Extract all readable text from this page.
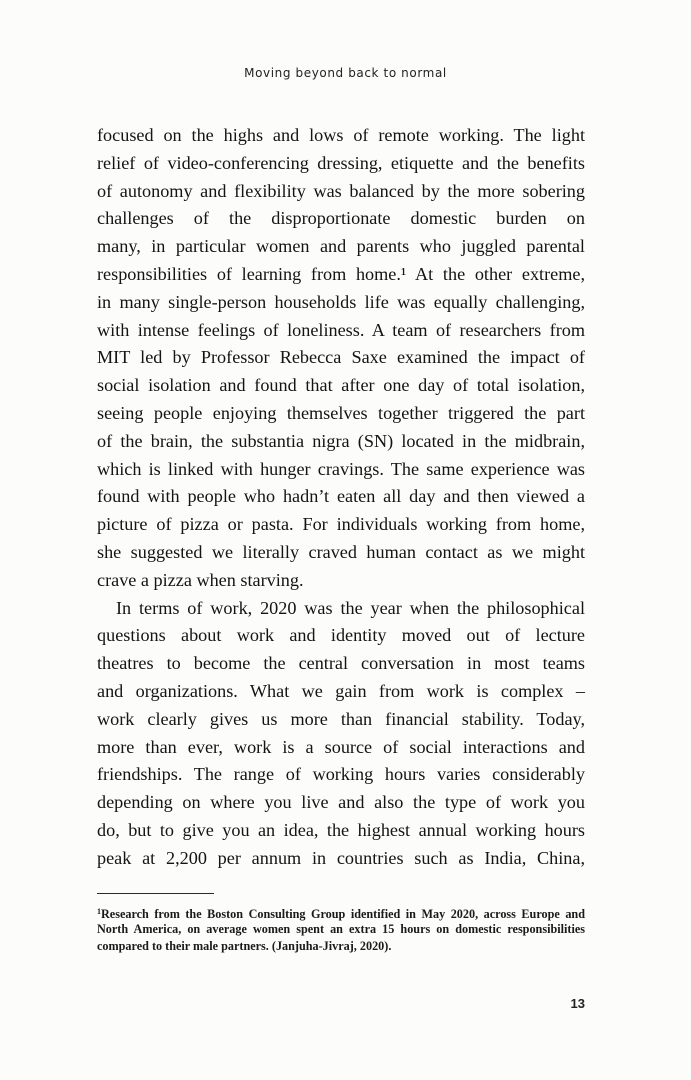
Moving beyond back to normal
focused on the highs and lows of remote working. The light
relief of video-conferencing dressing, etiquette and the benefits
of autonomy and flexibility was balanced by the more sobering
challenges of the disproportionate domestic burden on
many, in particular women and parents who juggled parental
responsibilities of learning from home.¹ At the other extreme,
in many single-person households life was equally challenging,
with intense feelings of loneliness. A team of researchers from
MIT led by Professor Rebecca Saxe examined the impact of
social isolation and found that after one day of total isolation,
seeing people enjoying themselves together triggered the part
of the brain, the substantia nigra (SN) located in the midbrain,
which is linked with hunger cravings. The same experience was
found with people who hadn’t eaten all day and then viewed a
picture of pizza or pasta. For individuals working from home,
she suggested we literally craved human contact as we might
crave a pizza when starving.
In terms of work, 2020 was the year when the philosophical
questions about work and identity moved out of lecture
theatres to become the central conversation in most teams
and organizations. What we gain from work is complex –
work clearly gives us more than financial stability. Today,
more than ever, work is a source of social interactions and
friendships. The range of working hours varies considerably
depending on where you live and also the type of work you
do, but to give you an idea, the highest annual working hours
peak at 2,200 per annum in countries such as India, China,
$^1$Research from the Boston Consulting Group identified in May 2020, across Europe and
North America, on average women spent an extra 15 hours on domestic responsibilities
compared to their male partners. (Janjuha-Jivraj, 2020).
13
